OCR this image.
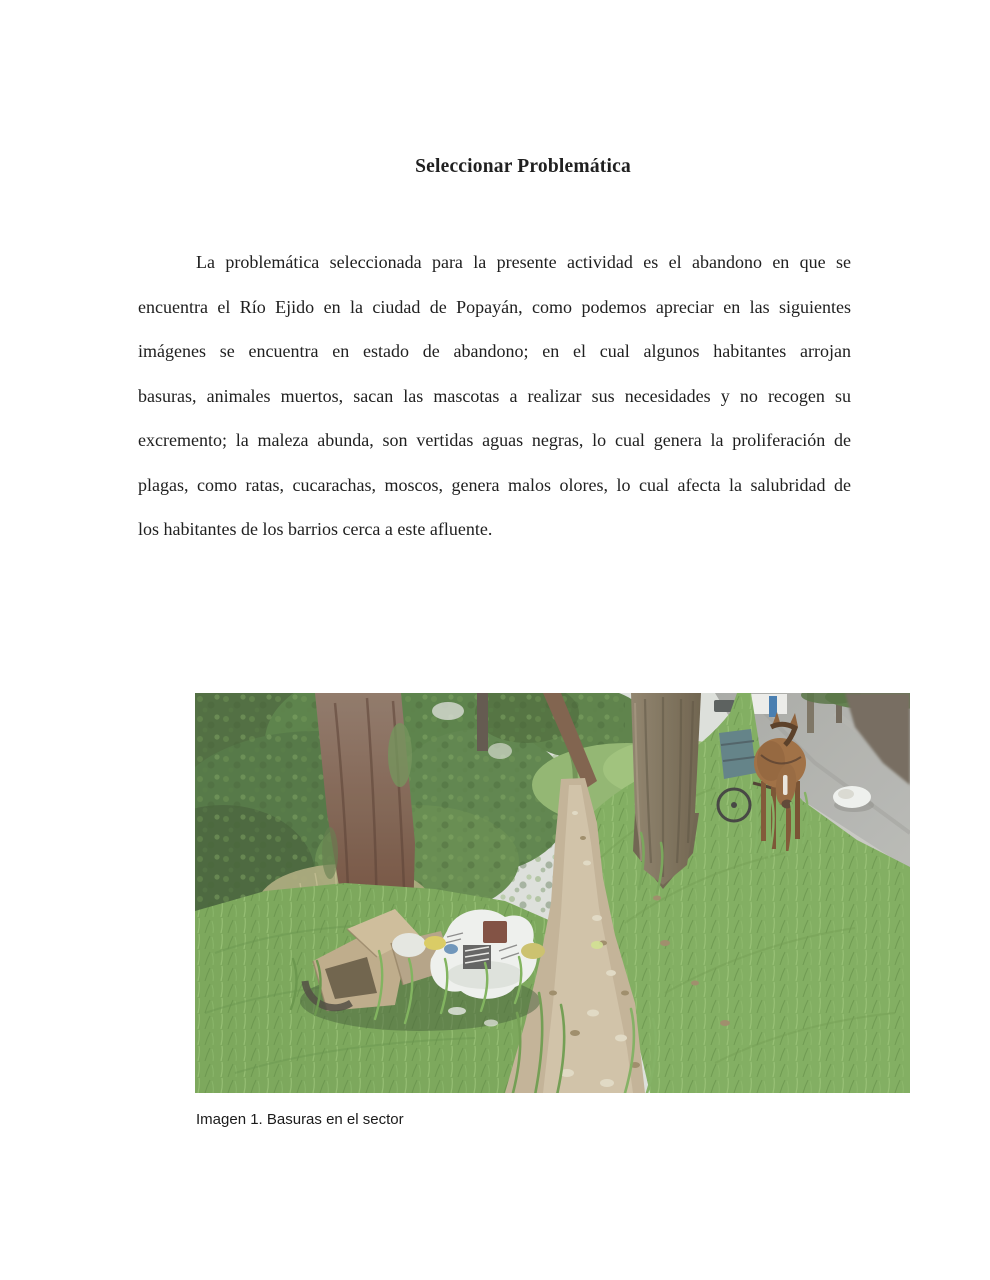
Seleccionar Problemática
La problemática seleccionada para la presente actividad es el abandono en que se
encuentra el Río Ejido en la ciudad de Popayán, como podemos apreciar en las siguientes
imágenes se encuentra en estado de abandono; en el cual algunos habitantes arrojan
basuras, animales muertos, sacan las mascotas a realizar sus necesidades y no recogen su
excremento; la maleza abunda, son vertidas aguas negras, lo cual genera la proliferación de
plagas, como ratas, cucarachas, moscos, genera malos olores, lo cual afecta la salubridad de
los habitantes de los barrios cerca a este afluente.
Imagen 1. Basuras en el sector
